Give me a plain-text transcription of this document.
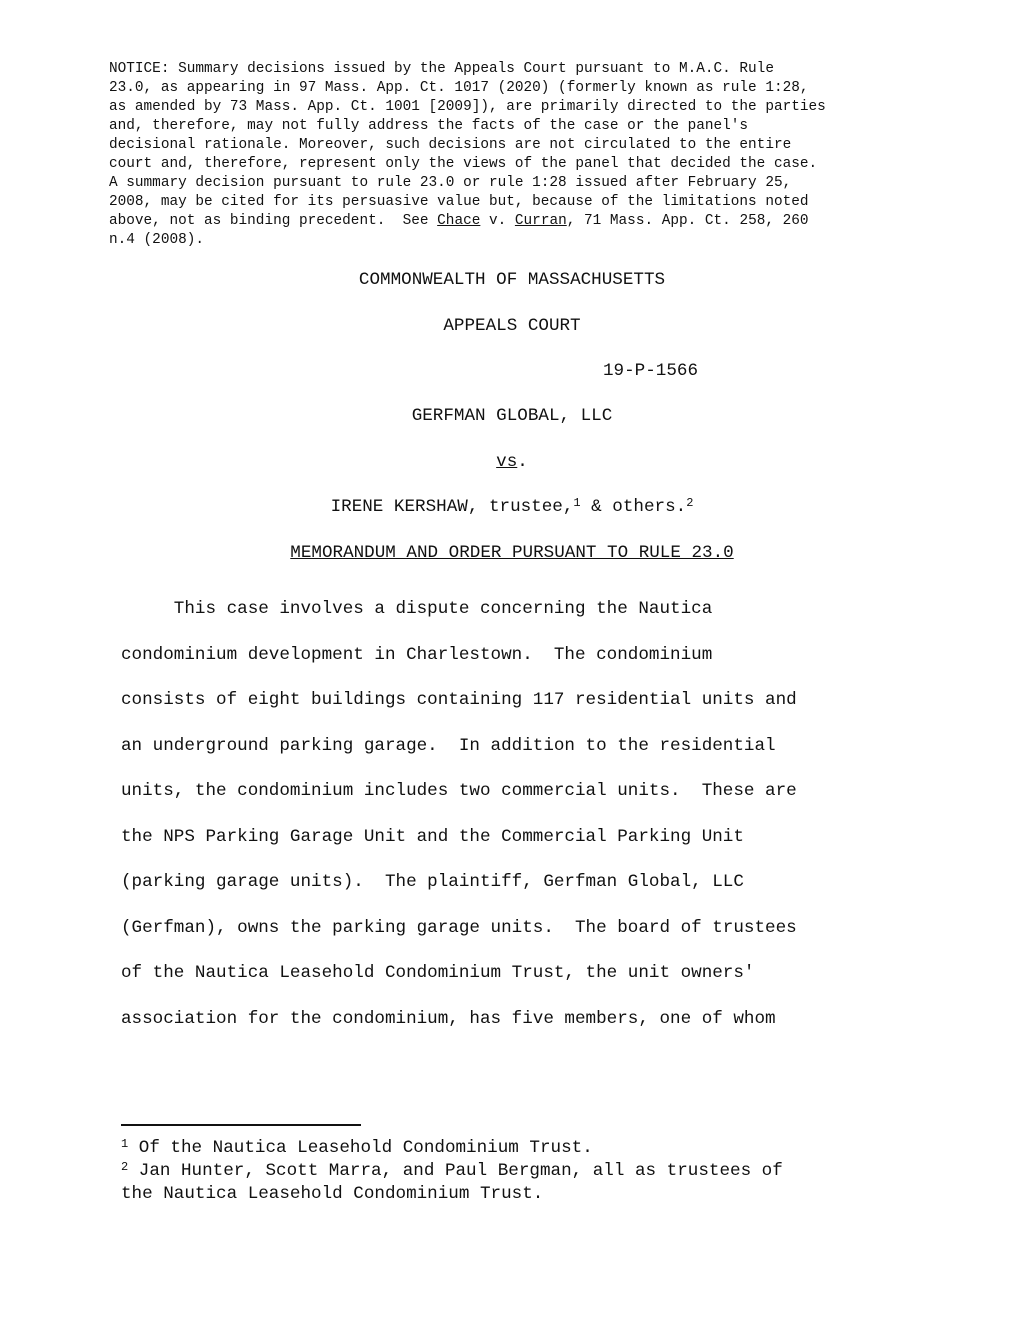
NOTICE: Summary decisions issued by the Appeals Court pursuant to M.A.C. Rule
23.0, as appearing in 97 Mass. App. Ct. 1017 (2020) (formerly known as rule 1:28,
as amended by 73 Mass. App. Ct. 1001 [2009]), are primarily directed to the parties
and, therefore, may not fully address the facts of the case or the panel's
decisional rationale. Moreover, such decisions are not circulated to the entire
court and, therefore, represent only the views of the panel that decided the case.
A summary decision pursuant to rule 23.0 or rule 1:28 issued after February 25,
2008, may be cited for its persuasive value but, because of the limitations noted
above, not as binding precedent.  See Chace v. Curran, 71 Mass. App. Ct. 258, 260
n.4 (2008).

COMMONWEALTH OF MASSACHUSETTS

APPEALS COURT

19-P-1566

GERFMAN GLOBAL, LLC

vs.

IRENE KERSHAW, trustee,$^1$ & others.$^2$

MEMORANDUM AND ORDER PURSUANT TO RULE 23.0

This case involves a dispute concerning the Nautica
condominium development in Charlestown.  The condominium
consists of eight buildings containing 117 residential units and
an underground parking garage.  In addition to the residential
units, the condominium includes two commercial units.  These are
the NPS Parking Garage Unit and the Commercial Parking Unit
(parking garage units).  The plaintiff, Gerfman Global, LLC
(Gerfman), owns the parking garage units.  The board of trustees
of the Nautica Leasehold Condominium Trust, the unit owners'
association for the condominium, has five members, one of whom
$^1$ Of the Nautica Leasehold Condominium Trust.
$^2$ Jan Hunter, Scott Marra, and Paul Bergman, all as trustees of
the Nautica Leasehold Condominium Trust.
